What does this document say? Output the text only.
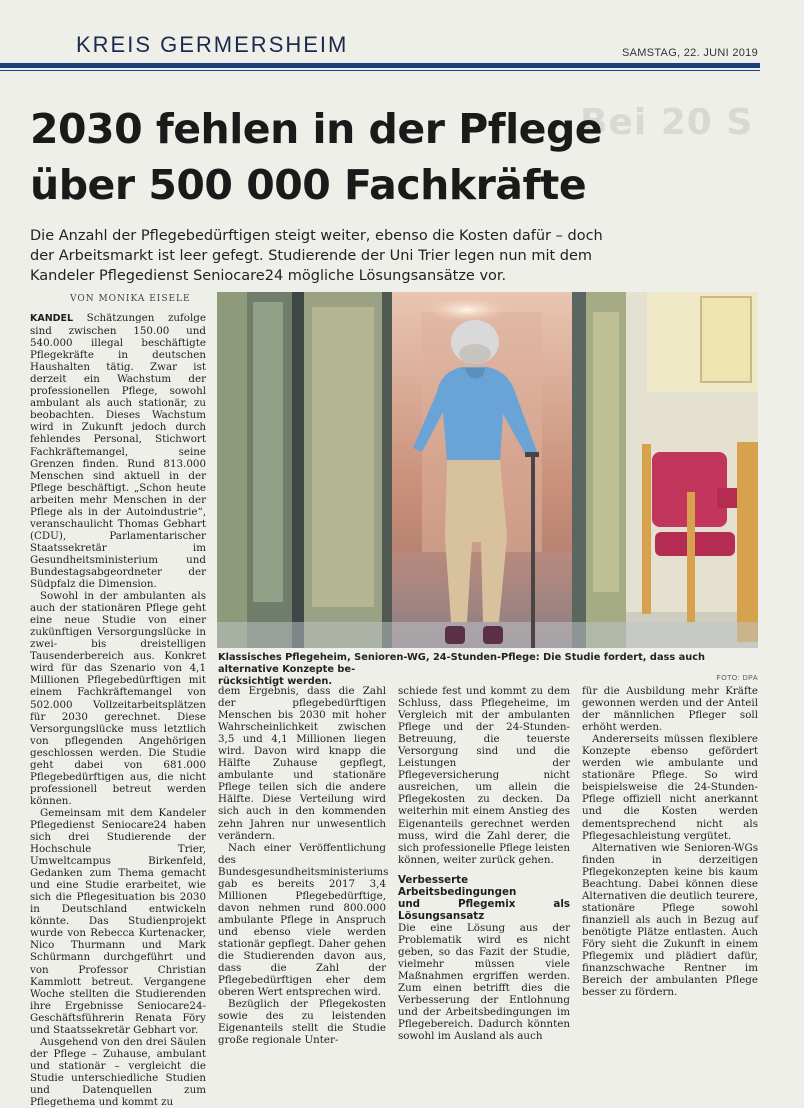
KREIS GERMERSHEIM	SAMSTAG, 22. JUNI 2019
Bei 20 S
2030 fehlen in der Pflege
über 500 000 Fachkräfte
Die Anzahl der Pflegebedürftigen steigt weiter, ebenso die Kosten dafür – doch
der Arbeitsmarkt ist leer gefegt. Studierende der Uni Trier legen nun mit dem
Kandeler Pflegedienst Seniocare24 mögliche Lösungsansätze vor.
VON MONIKA EISELE

KANDEL Schätzungen zufolge sind zwischen 150.00 und 540.000 illegal beschäftigte Pflegekräfte in deutschen Haushalten tätig. Zwar ist derzeit ein Wachstum der professionellen Pflege, sowohl ambulant als auch stationär, zu beobachten. Dieses Wachstum wird in Zukunft jedoch durch fehlendes Personal, Stichwort Fachkräftemangel, seine Grenzen finden. Rund 813.000 Menschen sind aktuell in der Pflege beschäftigt. „Schon heute arbeiten mehr Menschen in der Pflege als in der Autoindustrie“, veranschaulicht Thomas Gebhart (CDU), Parlamentarischer Staatssekretär im Gesundheitsministerium und Bundestagsabgeordneter der Südpfalz die Dimension.

Sowohl in der ambulanten als auch der stationären Pflege geht eine neue Studie von einer zukünftigen Versorgungslücke in zwei- bis dreistelligen Tausenderbereich aus. Konkret wird für das Szenario von 4,1 Millionen Pflegebedürftigen mit einem Fachkräftemangel von 502.000 Vollzeitarbeitsplätzen für 2030 gerechnet. Diese Versorgungslücke muss letztlich von pflegenden Angehörigen geschlossen werden. Die Studie geht dabei von 681.000 Pflegebedürftigen aus, die nicht professionell betreut werden können.

Gemeinsam mit dem Kandeler Pflegedienst Seniocare24 haben sich drei Studierende der Hochschule Trier, Umweltcampus Birkenfeld, Gedanken zum Thema gemacht und eine Studie erarbeitet, wie sich die Pflegesituation bis 2030 in Deutschland entwickeln könnte. Das Studienprojekt wurde von Rebecca Kurtenacker, Nico Thurmann und Mark Schürmann durchgeführt und von Professor Christian Kammlott betreut. Vergangene Woche stellten die Studierenden ihre Ergebnisse Seniocare24-Geschäftsführerin Renata Föry und Staatssekretär Gebhart vor.

Ausgehend von den drei Säulen der Pflege – Zuhause, ambulant und stationär – vergleicht die Studie unterschiedliche Studien und Datenquellen zum Pflegethema und kommt zu

Klassisches Pflegeheim, Senioren-WG, 24-Stunden-Pflege: Die Studie fordert, dass auch alternative Konzepte be-
rücksichtigt werden.	FOTO: DPA

dem Ergebnis, dass die Zahl der pflegebedürftigen Menschen bis 2030 mit hoher Wahrscheinlichkeit zwischen 3,5 und 4,1 Millionen liegen wird. Davon wird knapp die Hälfte Zuhause gepflegt, ambulante und stationäre Pflege teilen sich die andere Hälfte. Diese Verteilung wird sich auch in den kommenden zehn Jahren nur unwesentlich verändern.

Nach einer Veröffentlichung des Bundesgesundheitsministeriums gab es bereits 2017 3,4 Millionen Pflegebedürftige, davon nehmen rund 800.000 ambulante Pflege in Anspruch und ebenso viele werden stationär gepflegt. Daher gehen die Studierenden davon aus, dass die Zahl der Pflegebedürftigen eher dem oberen Wert entsprechen wird.

Bezüglich der Pflegekosten sowie des zu leistenden Eigenanteils stellt die Studie große regionale Unter-

schiede fest und kommt zu dem Schluss, dass Pflegeheime, im Vergleich mit der ambulanten Pflege und der 24-Stunden-Betreuung, die teuerste Versorgung sind und die Leistungen der Pflegeversicherung nicht ausreichen, um allein die Pflegekosten zu decken. Da weiterhin mit einem Anstieg des Eigenanteils gerechnet werden muss, wird die Zahl derer, die sich professionelle Pflege leisten können, weiter zurück gehen.

Verbesserte Arbeitsbedingungen
und Pflegemix als Lösungsansatz

Die eine Lösung aus der Problematik wird es nicht geben, so das Fazit der Studie, vielmehr müssen viele Maßnahmen ergriffen werden. Zum einen betrifft dies die Verbesserung der Entlohnung und der Arbeitsbedingungen im Pflegebereich. Dadurch könnten sowohl im Ausland als auch

für die Ausbildung mehr Kräfte gewonnen werden und der Anteil der männlichen Pfleger soll erhöht werden.

Andererseits müssen flexiblere Konzepte ebenso gefördert werden wie ambulante und stationäre Pflege. So wird beispielsweise die 24-Stunden-Pflege offiziell nicht anerkannt und die Kosten werden dementsprechend nicht als Pflegesachleistung vergütet.

Alternativen wie Senioren-WGs finden in derzeitigen Pflegekonzepten keine bis kaum Beachtung. Dabei können diese Alternativen die deutlich teurere, stationäre Pflege sowohl finanziell als auch in Bezug auf benötigte Plätze entlasten. Auch Föry sieht die Zukunft in einem Pflegemix und plädiert dafür, finanzschwache Rentner im Bereich der ambulanten Pflege besser zu fördern.
